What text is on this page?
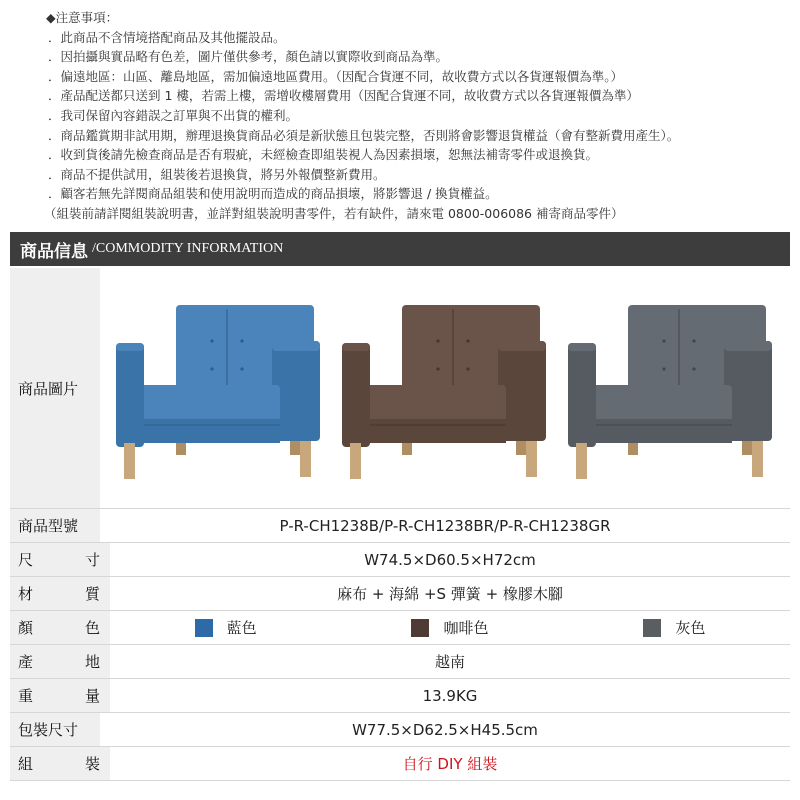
◆注意事項：
．此商品不含情境搭配商品及其他擺設品。
．因拍攝與實品略有色差，圖片僅供參考，顏色請以實際收到商品為準。
．偏遠地區：山區、離島地區，需加偏遠地區費用。（因配合貨運不同，故收費方式以各貨運報價為準。）
．產品配送都只送到 1 樓，若需上樓，需增收樓層費用（因配合貨運不同，故收費方式以各貨運報價為準）
．我司保留內容錯誤之訂單與不出貨的權利。
．商品鑑賞期非試用期，辦理退換貨商品必須是新狀態且包裝完整，否則將會影響退貨權益（會有整新費用產生）。
．收到貨後請先檢查商品是否有瑕疵，未經檢查即組裝視人為因素損壞，恕無法補寄零件或退換貨。
．商品不提供試用，組裝後若退換貨，將另外報價整新費用。
．顧客若無先詳閱商品組裝和使用說明而造成的商品損壞，將影響退 / 換貨權益。
（組裝前請詳閱組裝說明書，並詳對組裝說明書零件，若有缺件，請來電 0800-006086 補寄商品零件）
商品信息 /COMMODITY INFORMATION
商品圖片
商品型號	P-R-CH1238B/P-R-CH1238BR/P-R-CH1238GR
尺	寸	W74.5×D60.5×H72cm
材	質	麻布 + 海綿 +S 彈簧 + 橡膠木腳
顏	色	藍色	咖啡色	灰色
產	地	越南
重	量	13.9KG
包裝尺寸	W77.5×D62.5×H45.5cm
組	裝	自行 DIY 組裝
